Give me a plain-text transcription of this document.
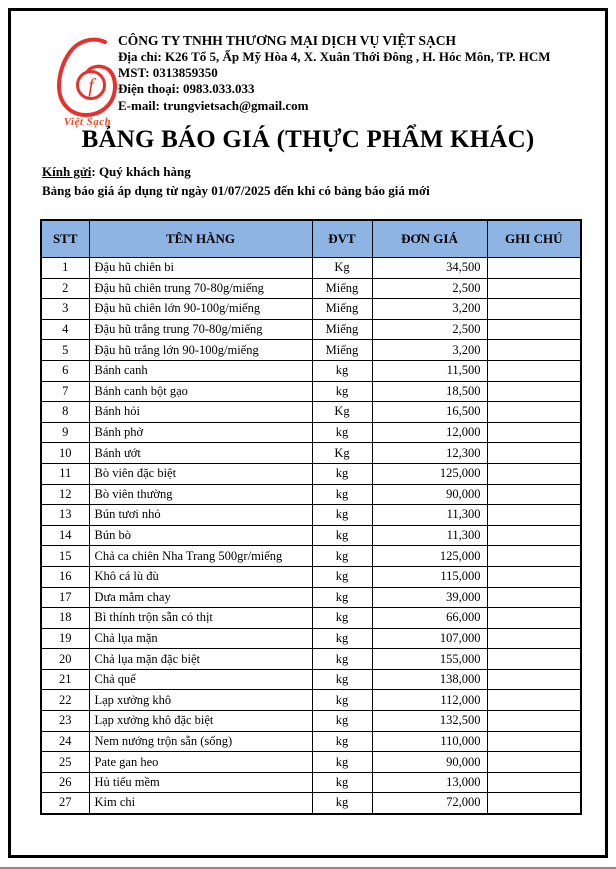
f
Việt Sạch
CÔNG TY TNHH THƯƠNG MẠI DỊCH VỤ VIỆT SẠCH
Địa chỉ: K26 Tổ 5, Ấp Mỹ Hòa 4, X. Xuân Thới Đông , H. Hóc Môn, TP. HCM
MST: 0313859350
Điện thoại: 0983.033.033
E-mail: trungvietsach@gmail.com
BẢNG BÁO GIÁ (THỰC PHẨM KHÁC)
Kính gửi: Quý khách hàng
Bảng báo giá áp dụng từ ngày 01/07/2025 đến khi có bảng báo giá mới
STT	TÊN HÀNG	ĐVT	ĐƠN GIÁ	GHI CHÚ
1	Đậu hũ chiên bi	Kg	34,500	
2	Đậu hũ chiên trung 70-80g/miếng	Miếng	2,500	
3	Đậu hũ chiên lớn 90-100g/miếng	Miếng	3,200	
4	Đậu hũ trắng trung 70-80g/miếng	Miếng	2,500	
5	Đậu hũ trắng lớn 90-100g/miếng	Miếng	3,200	
6	Bánh canh	kg	11,500	
7	Bánh canh bột gạo	kg	18,500	
8	Bánh hỏi	Kg	16,500	
9	Bánh phở	kg	12,000	
10	Bánh ướt	Kg	12,300	
11	Bò viên đặc biệt	kg	125,000	
12	Bò viên thường	kg	90,000	
13	Bún tươi nhỏ	kg	11,300	
14	Bún bò	kg	11,300	
15	Chả ca chiên Nha Trang 500gr/miếng	kg	125,000	
16	Khô cá lù đù	kg	115,000	
17	Dưa mắm chay	kg	39,000	
18	Bì thính trộn sẵn có thịt	kg	66,000	
19	Chả lụa mặn	kg	107,000	
20	Chả lụa mặn đặc biệt	kg	155,000	
21	Chả quế	kg	138,000	
22	Lạp xưởng khô	kg	112,000	
23	Lạp xưởng khô đặc biệt	kg	132,500	
24	Nem nướng trộn sẵn (sống)	kg	110,000	
25	Pate gan heo	kg	90,000	
26	Hủ tiếu mềm	kg	13,000	
27	Kim chi	kg	72,000	
